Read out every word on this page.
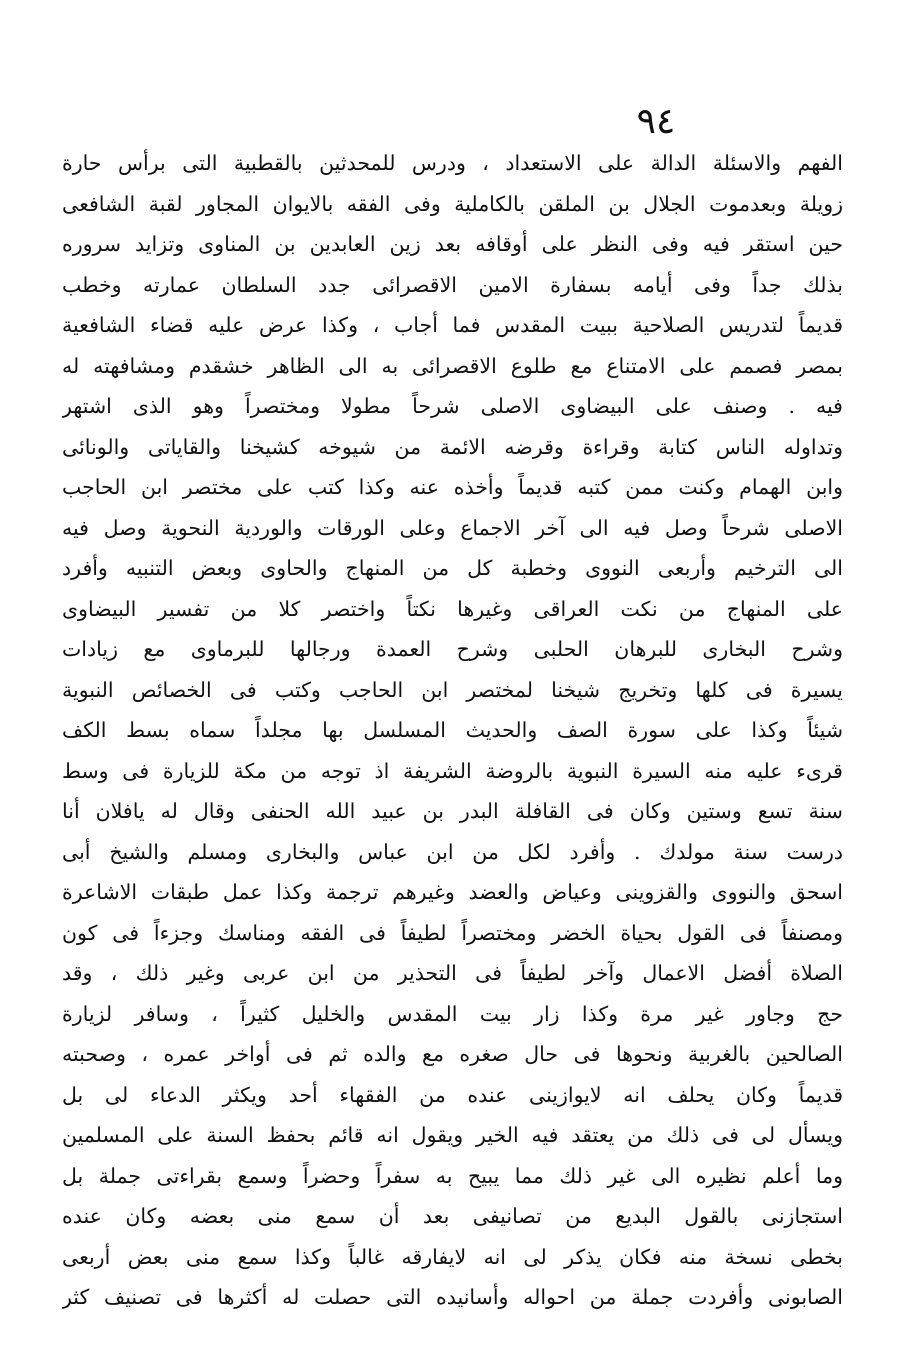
٩٤
الفهم والاسئلة الدالة على الاستعداد ، ودرس للمحدثين بالقطبية التى برأس حارة
زويلة وبعدموت الجلال بن الملقن بالكاملية وفى الفقه بالايوان المجاور لقبة الشافعى
حين استقر فيه وفى النظر على أوقافه بعد زين العابدين بن المناوى وتزايد سروره
بذلك جداً وفى أيامه بسفارة الامين الاقصرائى جدد السلطان عمارته وخطب
قديماً لتدريس الصلاحية ببيت المقدس فما أجاب ، وكذا عرض عليه قضاء الشافعية
بمصر فصمم على الامتناع مع طلوع الاقصرائى به الى الظاهر خشقدم ومشافهته له
فيه . وصنف على البيضاوى الاصلى شرحاً مطولا ومختصراً وهو الذى اشتهر
وتداوله الناس كتابة وقراءة وقرضه الائمة من شيوخه كشيخنا والقاياتى والونائى
وابن الهمام وكنت ممن كتبه قديماً وأخذه عنه وكذا كتب على مختصر ابن الحاجب
الاصلى شرحاً وصل فيه الى آخر الاجماع وعلى الورقات والوردية النحوية وصل فيه
الى الترخيم وأربعى النووى وخطبة كل من المنهاج والحاوى وبعض التنبيه وأفرد
على المنهاج من نكت العراقى وغيرها نكتاً واختصر كلا من تفسير البيضاوى
وشرح البخارى للبرهان الحلبى وشرح العمدة ورجالها للبرماوى مع زيادات
يسيرة فى كلها وتخريج شيخنا لمختصر ابن الحاجب وكتب فى الخصائص النبوية
شيئاً وكذا على سورة الصف والحديث المسلسل بها مجلداً سماه بسط الكف
قرىء عليه منه السيرة النبوية بالروضة الشريفة اذ توجه من مكة للزيارة فى وسط
سنة تسع وستين وكان فى القافلة البدر بن عبيد الله الحنفى وقال له يافلان أنا
درست سنة مولدك . وأفرد لكل من ابن عباس والبخارى ومسلم والشيخ أبى
اسحق والنووى والقزوينى وعياض والعضد وغيرهم ترجمة وكذا عمل طبقات الاشاعرة
ومصنفاً فى القول بحياة الخضر ومختصراً لطيفاً فى الفقه ومناسك وجزءاً فى كون
الصلاة أفضل الاعمال وآخر لطيفاً فى التحذير من ابن عربى وغير ذلك ، وقد
حج وجاور غير مرة وكذا زار بيت المقدس والخليل كثيراً ، وسافر لزيارة
الصالحين بالغربية ونحوها فى حال صغره مع والده ثم فى أواخر عمره ، وصحبته
قديماً وكان يحلف انه لايوازينى عنده من الفقهاء أحد ويكثر الدعاء لى بل
ويسأل لى فى ذلك من يعتقد فيه الخير ويقول انه قائم بحفظ السنة على المسلمين
وما أعلم نظيره الى غير ذلك مما يبيح به سفراً وحضراً وسمع بقراءتى جملة بل
استجازنى بالقول البديع من تصانيفى بعد أن سمع منى بعضه وكان عنده
بخطى نسخة منه فكان يذكر لى انه لايفارقه غالباً وكذا سمع منى بعض أربعى
الصابونى وأفردت جملة من احواله وأسانيده التى حصلت له أكثرها فى تصنيف كثر
